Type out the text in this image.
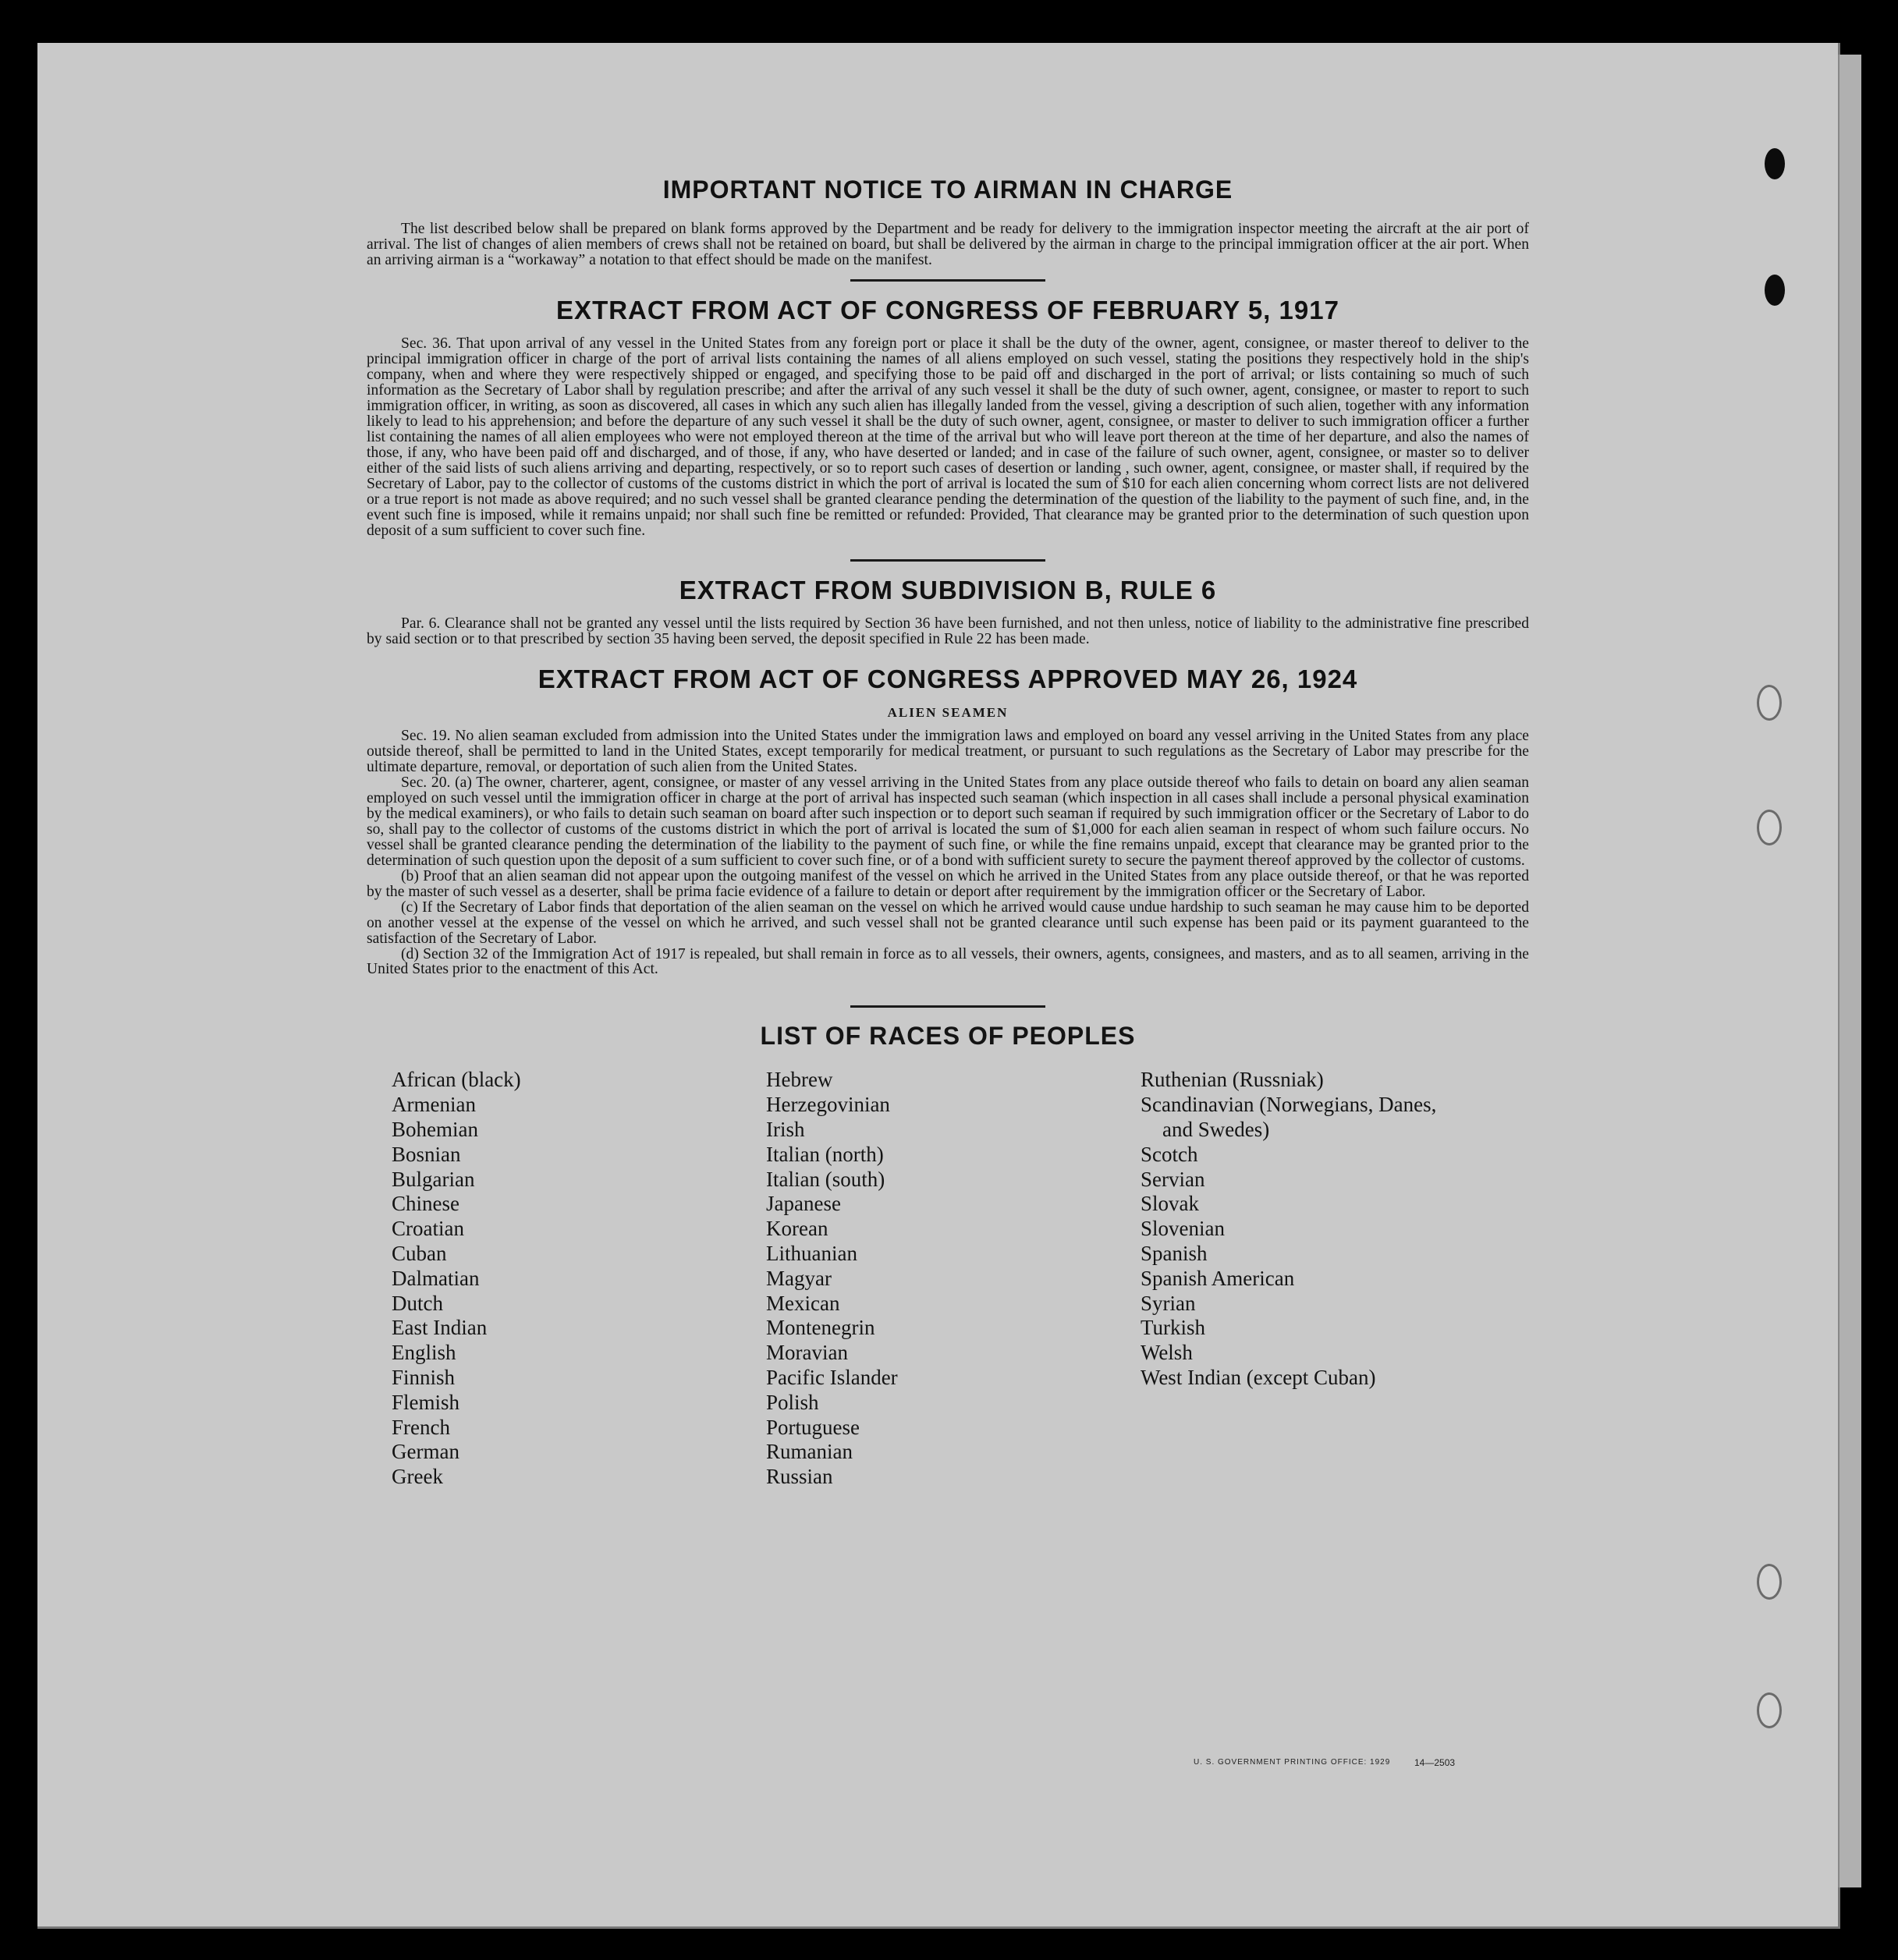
IMPORTANT NOTICE TO AIRMAN IN CHARGE

The list described below shall be prepared on blank forms approved by the Department and be ready for delivery to the immigration inspector meeting the aircraft at the air port of arrival. The list of changes of alien members of crews shall not be retained on board, but shall be delivered by the airman in charge to the principal immigration officer at the air port. When an arriving airman is a “workaway” a notation to that effect should be made on the manifest.

EXTRACT FROM ACT OF CONGRESS OF FEBRUARY 5, 1917

Sec. 36. That upon arrival of any vessel in the United States from any foreign port or place it shall be the duty of the owner, agent, consignee, or master thereof to deliver to the principal immigration officer in charge of the port of arrival lists containing the names of all aliens employed on such vessel, stating the positions they respectively hold in the ship's company, when and where they were respectively shipped or engaged, and specifying those to be paid off and discharged in the port of arrival; or lists containing so much of such information as the Secretary of Labor shall by regulation prescribe; and after the arrival of any such vessel it shall be the duty of such owner, agent, consignee, or master to report to such immigration officer, in writing, as soon as discovered, all cases in which any such alien has illegally landed from the vessel, giving a description of such alien, together with any information likely to lead to his apprehension; and before the departure of any such vessel it shall be the duty of such owner, agent, consignee, or master to deliver to such immigration officer a further list containing the names of all alien employees who were not employed thereon at the time of the arrival but who will leave port thereon at the time of her departure, and also the names of those, if any, who have been paid off and discharged, and of those, if any, who have deserted or landed; and in case of the failure of such owner, agent, consignee, or master so to deliver either of the said lists of such aliens arriving and departing, respectively, or so to report such cases of desertion or landing , such owner, agent, consignee, or master shall, if required by the Secretary of Labor, pay to the collector of customs of the customs district in which the port of arrival is located the sum of $10 for each alien concerning whom correct lists are not delivered or a true report is not made as above required; and no such vessel shall be granted clearance pending the determination of the question of the liability to the payment of such fine, and, in the event such fine is imposed, while it remains unpaid; nor shall such fine be remitted or refunded: Provided, That clearance may be granted prior to the determination of such question upon deposit of a sum sufficient to cover such fine.

EXTRACT FROM SUBDIVISION B, RULE 6

Par. 6. Clearance shall not be granted any vessel until the lists required by Section 36 have been furnished, and not then unless, notice of liability to the administrative fine prescribed by said section or to that prescribed by section 35 having been served, the deposit specified in Rule 22 has been made.

EXTRACT FROM ACT OF CONGRESS APPROVED MAY 26, 1924
ALIEN SEAMEN

Sec. 19. No alien seaman excluded from admission into the United States under the immigration laws and employed on board any vessel arriving in the United States from any place outside thereof, shall be permitted to land in the United States, except temporarily for medical treatment, or pursuant to such regulations as the Secretary of Labor may prescribe for the ultimate departure, removal, or deportation of such alien from the United States.

Sec. 20. (a) The owner, charterer, agent, consignee, or master of any vessel arriving in the United States from any place outside thereof who fails to detain on board any alien seaman employed on such vessel until the immigration officer in charge at the port of arrival has inspected such seaman (which inspection in all cases shall include a personal physical examination by the medical examiners), or who fails to detain such seaman on board after such inspection or to deport such seaman if required by such immigration officer or the Secretary of Labor to do so, shall pay to the collector of customs of the customs district in which the port of arrival is located the sum of $1,000 for each alien seaman in respect of whom such failure occurs. No vessel shall be granted clearance pending the determination of the liability to the payment of such fine, or while the fine remains unpaid, except that clearance may be granted prior to the determination of such question upon the deposit of a sum sufficient to cover such fine, or of a bond with sufficient surety to secure the payment thereof approved by the collector of customs.

(b) Proof that an alien seaman did not appear upon the outgoing manifest of the vessel on which he arrived in the United States from any place outside thereof, or that he was reported by the master of such vessel as a deserter, shall be prima facie evidence of a failure to detain or deport after requirement by the immigration officer or the Secretary of Labor.

(c) If the Secretary of Labor finds that deportation of the alien seaman on the vessel on which he arrived would cause undue hardship to such seaman he may cause him to be deported on another vessel at the expense of the vessel on which he arrived, and such vessel shall not be granted clearance until such expense has been paid or its payment guaranteed to the satisfaction of the Secretary of Labor.

(d) Section 32 of the Immigration Act of 1917 is repealed, but shall remain in force as to all vessels, their owners, agents, consignees, and masters, and as to all seamen, arriving in the United States prior to the enactment of this Act.

LIST OF RACES OF PEOPLES
African (black)
Armenian
Bohemian
Bosnian
Bulgarian
Chinese
Croatian
Cuban
Dalmatian
Dutch
East Indian
English
Finnish
Flemish
French
German
Greek
Hebrew
Herzegovinian
Irish
Italian (north)
Italian (south)
Japanese
Korean
Lithuanian
Magyar
Mexican
Montenegrin
Moravian
Pacific Islander
Polish
Portuguese
Rumanian
Russian
Ruthenian (Russniak)
Scandinavian (Norwegians, Danes,
and Swedes)
Scotch
Servian
Slovak
Slovenian
Spanish
Spanish American
Syrian
Turkish
Welsh
West Indian (except Cuban)
U. S. GOVERNMENT PRINTING OFFICE: 1929	14—2503
